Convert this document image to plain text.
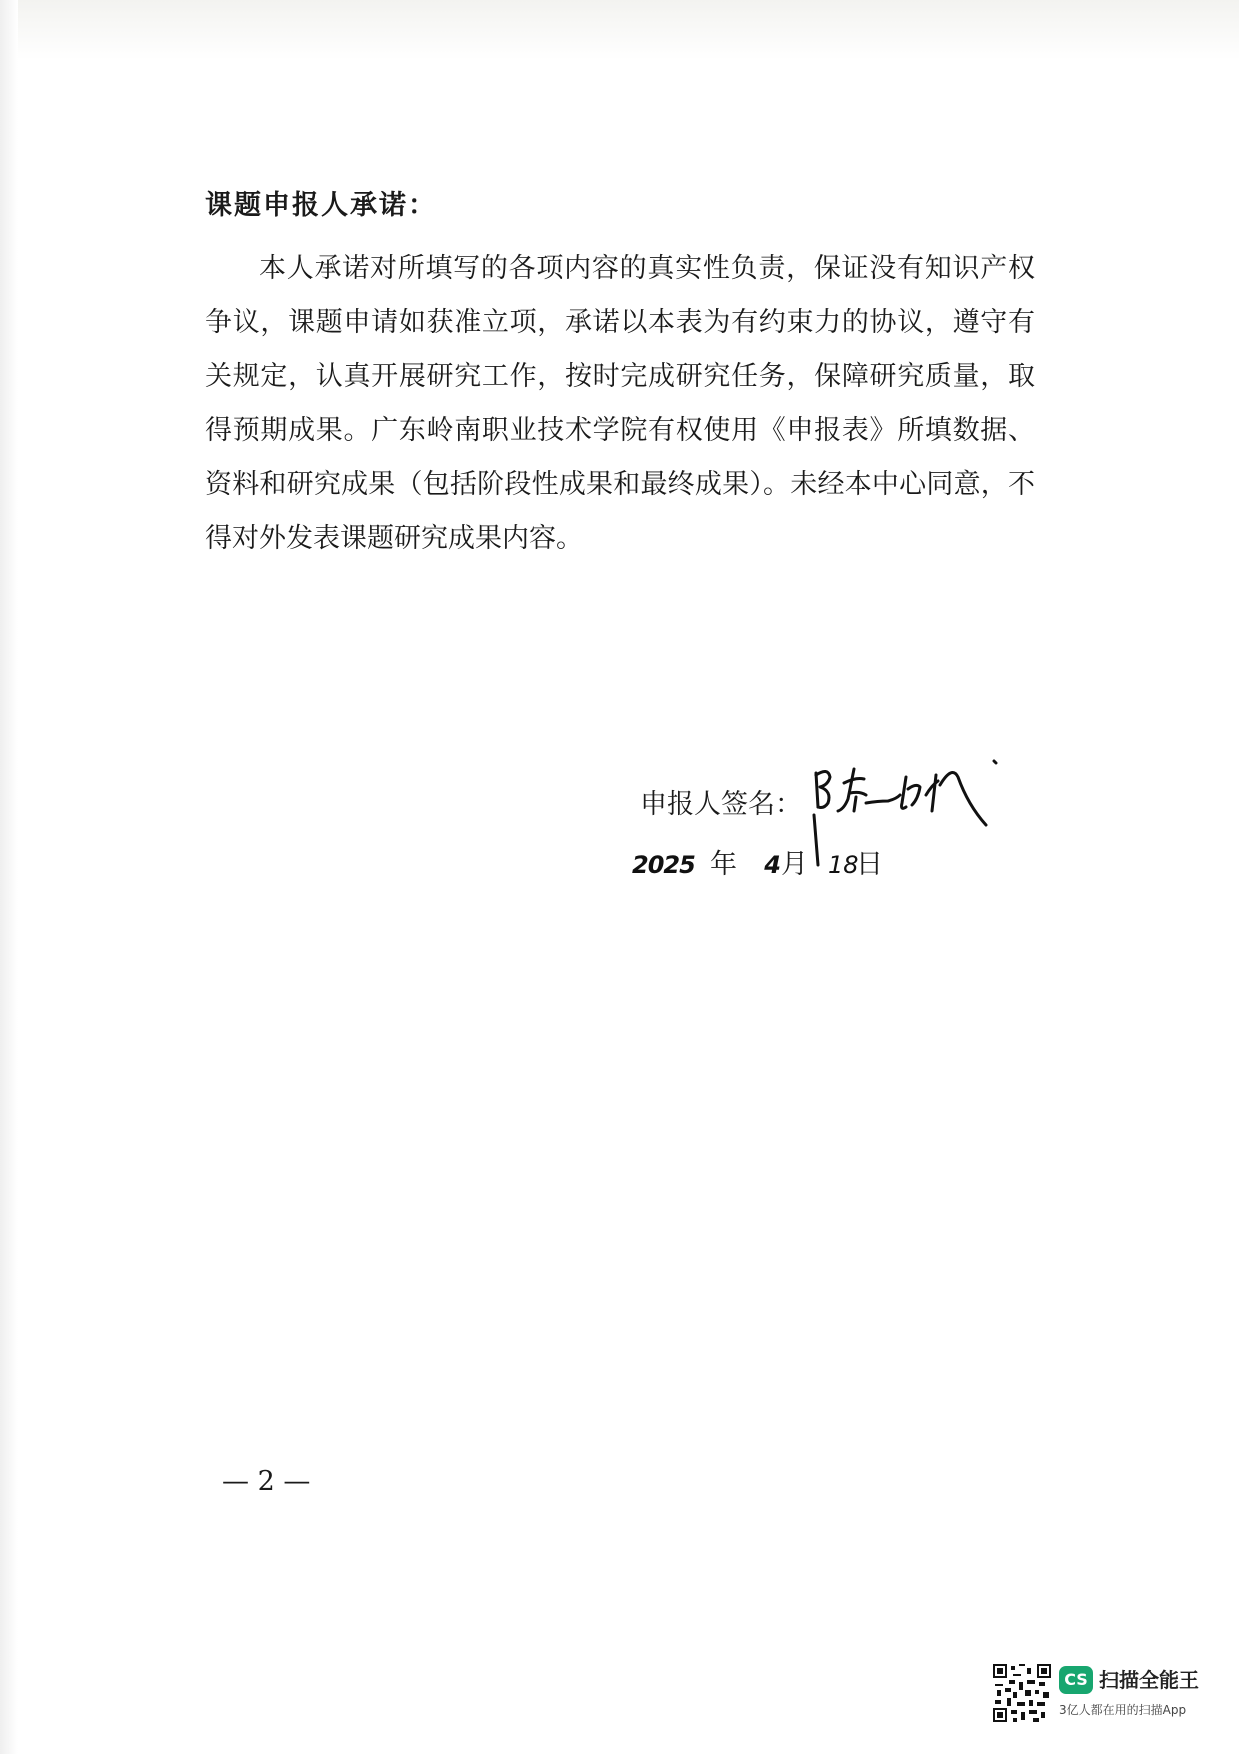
课题申报人承诺：

本人承诺对所填写的各项内容的真实性负责，保证没有知识产权争议，课题申请如获准立项，承诺以本表为有约束力的协议，遵守有关规定，认真开展研究工作，按时完成研究任务，保障研究质量，取得预期成果。广东岭南职业技术学院有权使用《申报表》所填数据、资料和研究成果（包括阶段性成果和最终成果）。未经本中心同意，不得对外发表课题研究成果内容。

申报人签名：
2025 年 4月 18日
— 2 —
CS 扫描全能王
3亿人都在用的扫描App
